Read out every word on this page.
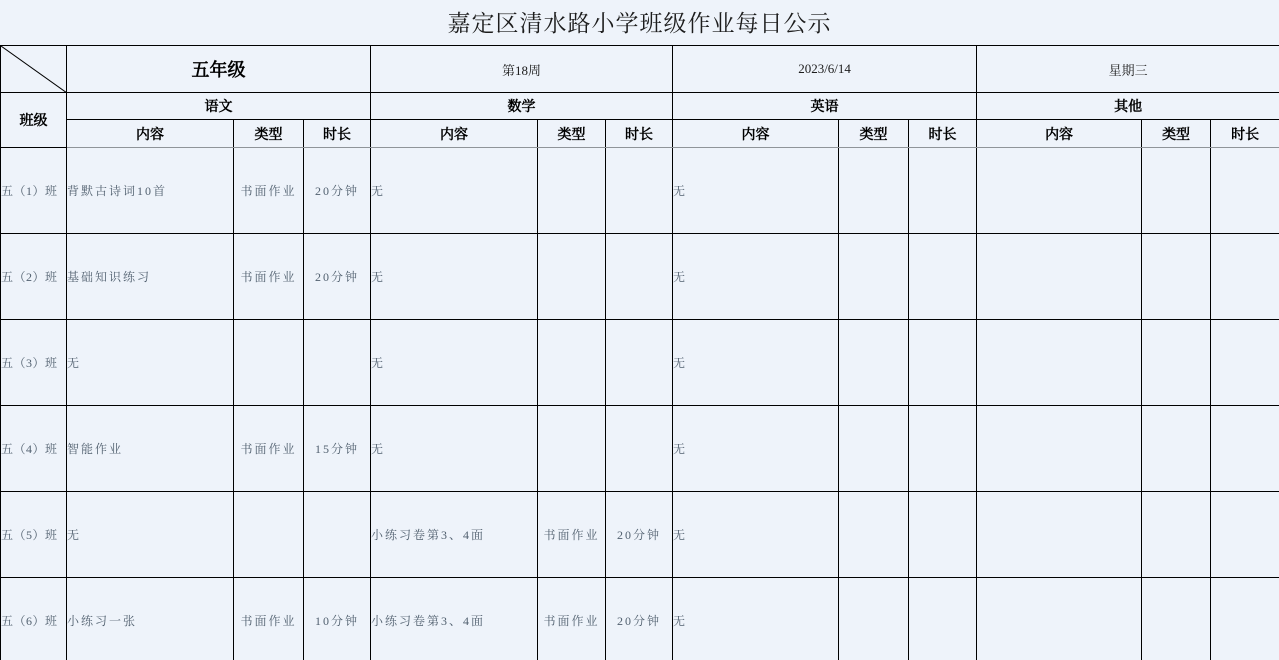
嘉定区清水路小学班级作业每日公示
	五年级			第18周			2023/6/14			星期三		
班级	语文			数学			英语			其他		
	内容	类型	时长	内容	类型	时长	内容	类型	时长	内容	类型	时长
五（1）班	背默古诗词10首	书面作业	20分钟	无			无					
五（2）班	基础知识练习	书面作业	20分钟	无			无					
五（3）班	无			无			无					
五（4）班	智能作业	书面作业	15分钟	无			无					
五（5）班	无			小练习卷第3、4面	书面作业	20分钟	无					
五（6）班	小练习一张	书面作业	10分钟	小练习卷第3、4面	书面作业	20分钟	无					
